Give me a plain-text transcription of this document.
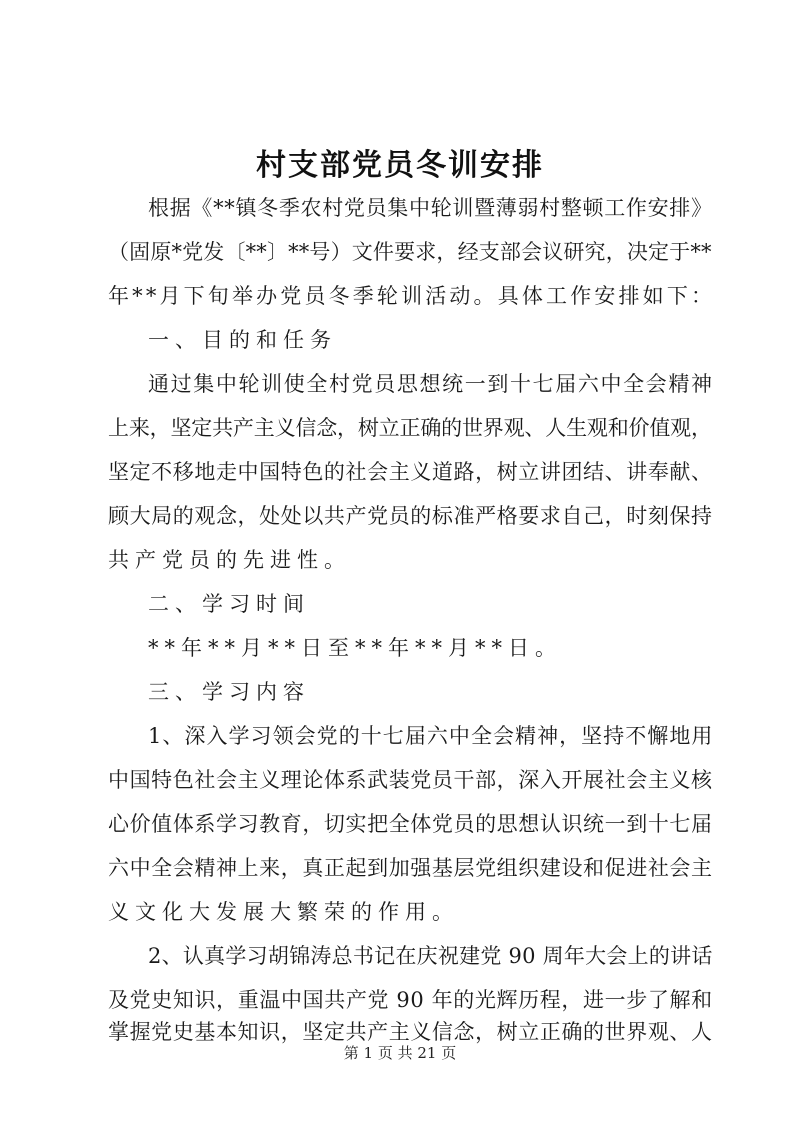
村支部党员冬训安排
根据《**镇冬季农村党员集中轮训暨薄弱村整顿工作安排》
（固原*党发〔**〕**号）文件要求，经支部会议研究，决定于**
年**月下旬举办党员冬季轮训活动。具体工作安排如下：
一、目的和任务
通过集中轮训使全村党员思想统一到十七届六中全会精神
上来，坚定共产主义信念，树立正确的世界观、人生观和价值观，
坚定不移地走中国特色的社会主义道路，树立讲团结、讲奉献、
顾大局的观念，处处以共产党员的标准严格要求自己，时刻保持
共产党员的先进性。
二、学习时间
**年**月**日至**年**月**日。
三、学习内容
1、深入学习领会党的十七届六中全会精神，坚持不懈地用
中国特色社会主义理论体系武装党员干部，深入开展社会主义核
心价值体系学习教育，切实把全体党员的思想认识统一到十七届
六中全会精神上来，真正起到加强基层党组织建设和促进社会主
义文化大发展大繁荣的作用。
2、认真学习胡锦涛总书记在庆祝建党 90 周年大会上的讲话
及党史知识，重温中国共产党 90 年的光辉历程，进一步了解和
第 1 页 共 21 页
掌握党史基本知识，坚定共产主义信念，树立正确的世界观、人
